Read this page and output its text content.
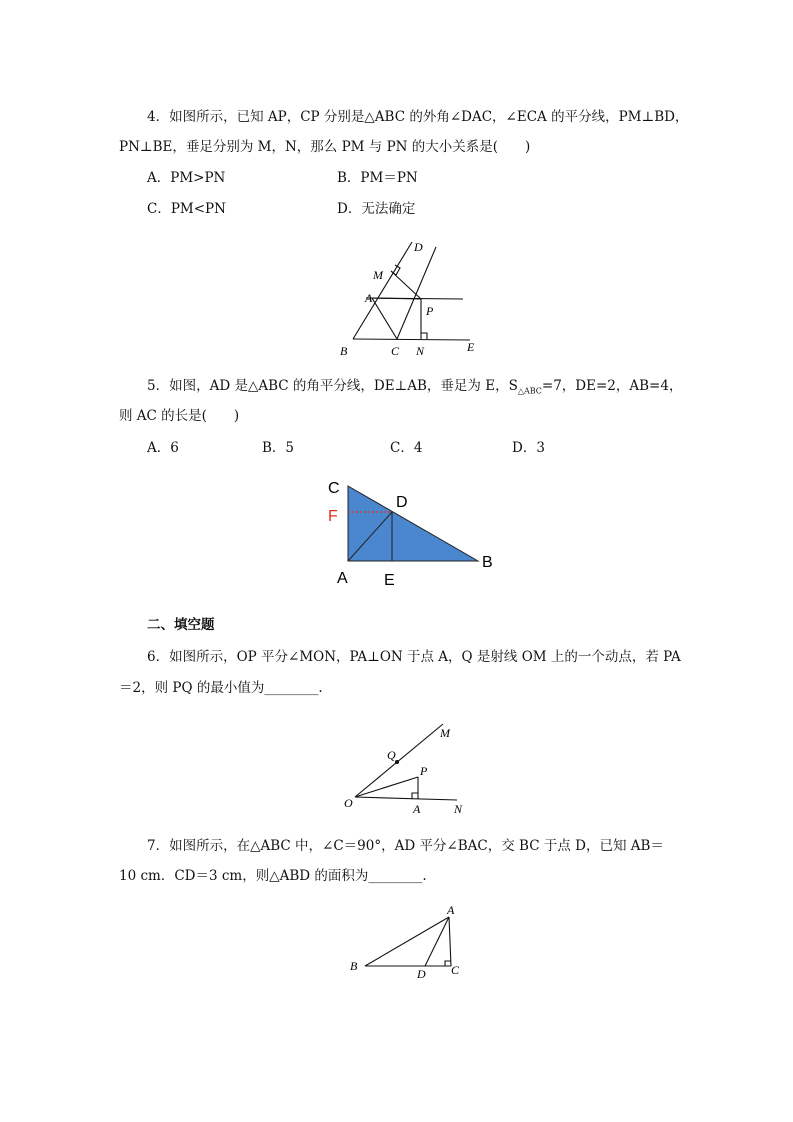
4．如图所示，已知 AP，CP 分别是△ABC 的外角∠DAC，∠ECA 的平分线，PM⊥BD，
PN⊥BE，垂足分别为 M，N，那么 PM 与 PN 的大小关系是(　　)
A．PM>PN	B．PM＝PN
C．PM<PN	D．无法确定
D
M
A
P
B	C N	E
5．如图，AD 是△ABC 的角平分线，DE⊥AB，垂足为 E，$S_{\triangle ABC}=7$，DE=2，AB=4，
则 AC 的长是(　　)
A．6	B．5	C．4	D．3
C
D
F
A E
B
二、填空题
6．如图所示，OP 平分∠MON，PA⊥ON 于点 A，Q 是射线 OM 上的一个动点，若 PA
＝2，则 PQ 的最小值为________.
M
Q
P
O	A	N
7．如图所示，在△ABC 中，∠C＝90°，AD 平分∠BAC，交 BC 于点 D，已知 AB＝
10 cm．CD＝3 cm，则△ABD 的面积为________.
A
B
D C
